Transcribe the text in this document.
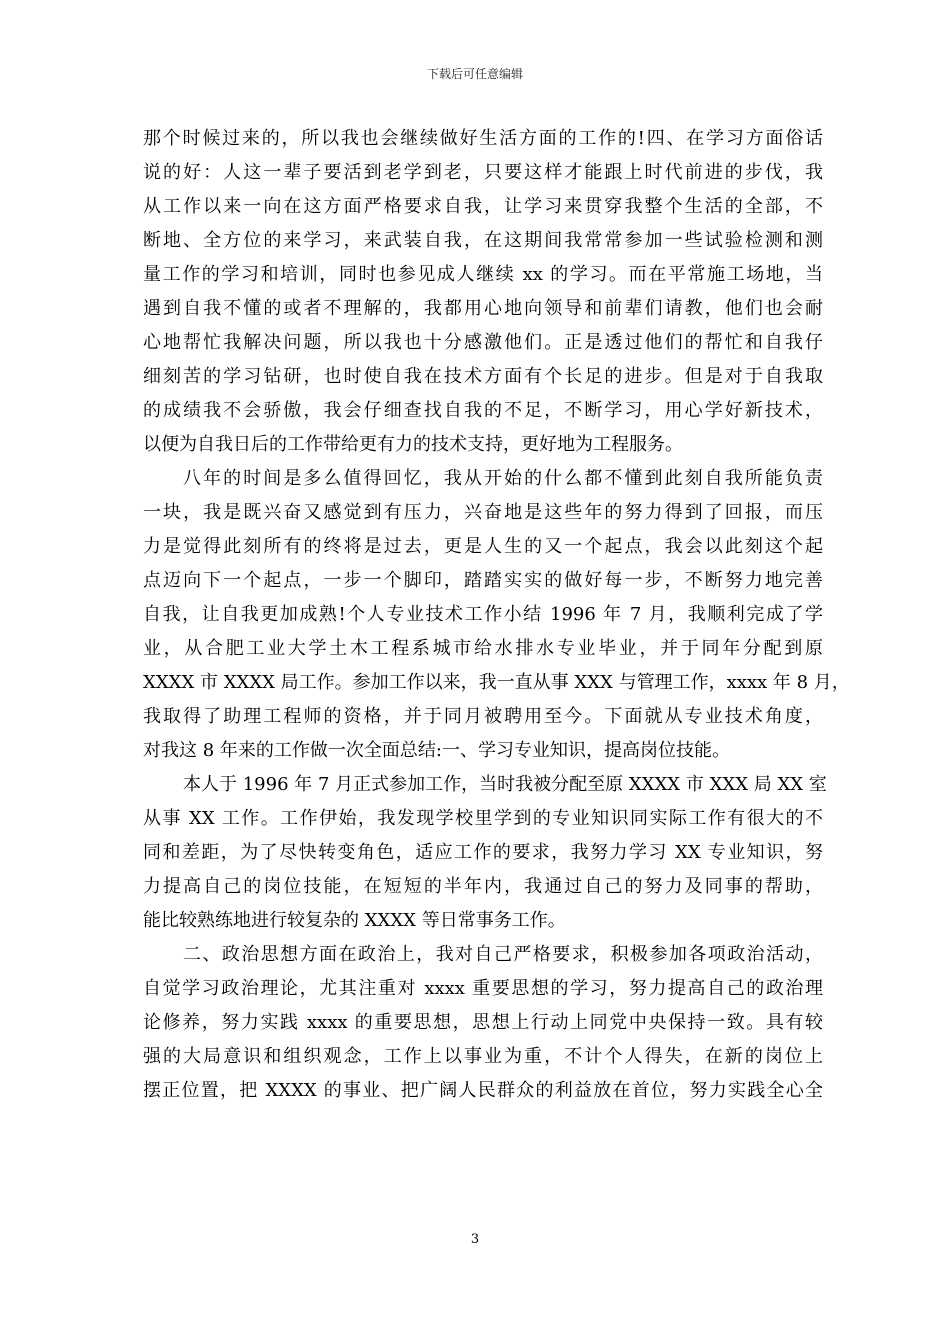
下载后可任意编辑
那个时候过来的，所以我也会继续做好生活方面的工作的!四、在学习方面俗话
说的好：人这一辈子要活到老学到老，只要这样才能跟上时代前进的步伐，我
从工作以来一向在这方面严格要求自我，让学习来贯穿我整个生活的全部，不
断地、全方位的来学习，来武装自我，在这期间我常常参加一些试验检测和测
量工作的学习和培训，同时也参见成人继续 xx 的学习。而在平常施工场地，当
遇到自我不懂的或者不理解的，我都用心地向领导和前辈们请教，他们也会耐
心地帮忙我解决问题，所以我也十分感激他们。正是透过他们的帮忙和自我仔
细刻苦的学习钻研，也时使自我在技术方面有个长足的进步。但是对于自我取
的成绩我不会骄傲，我会仔细查找自我的不足，不断学习，用心学好新技术，
以便为自我日后的工作带给更有力的技术支持，更好地为工程服务。
八年的时间是多么值得回忆，我从开始的什么都不懂到此刻自我所能负责
一块，我是既兴奋又感觉到有压力，兴奋地是这些年的努力得到了回报，而压
力是觉得此刻所有的终将是过去，更是人生的又一个起点，我会以此刻这个起
点迈向下一个起点，一步一个脚印，踏踏实实的做好每一步，不断努力地完善
自我，让自我更加成熟!个人专业技术工作小结 1996 年 7 月，我顺利完成了学
业，从合肥工业大学土木工程系城市给水排水专业毕业，并于同年分配到原
XXXX 市 XXXX 局工作。参加工作以来，我一直从事 XXX 与管理工作，xxxx 年 8 月，
我取得了助理工程师的资格，并于同月被聘用至今。下面就从专业技术角度，
对我这 8 年来的工作做一次全面总结:一、学习专业知识，提高岗位技能。
本人于 1996 年 7 月正式参加工作，当时我被分配至原 XXXX 市 XXX 局 XX 室
从事 XX 工作。工作伊始，我发现学校里学到的专业知识同实际工作有很大的不
同和差距，为了尽快转变角色，适应工作的要求，我努力学习 XX 专业知识，努
力提高自己的岗位技能，在短短的半年内，我通过自己的努力及同事的帮助，
能比较熟练地进行较复杂的 XXXX 等日常事务工作。
二、政治思想方面在政治上，我对自己严格要求，积极参加各项政治活动，
自觉学习政治理论，尤其注重对 xxxx 重要思想的学习，努力提高自己的政治理
论修养，努力实践 xxxx 的重要思想，思想上行动上同党中央保持一致。具有较
强的大局意识和组织观念，工作上以事业为重，不计个人得失，在新的岗位上
摆正位置，把 XXXX 的事业、把广阔人民群众的利益放在首位，努力实践全心全
3
